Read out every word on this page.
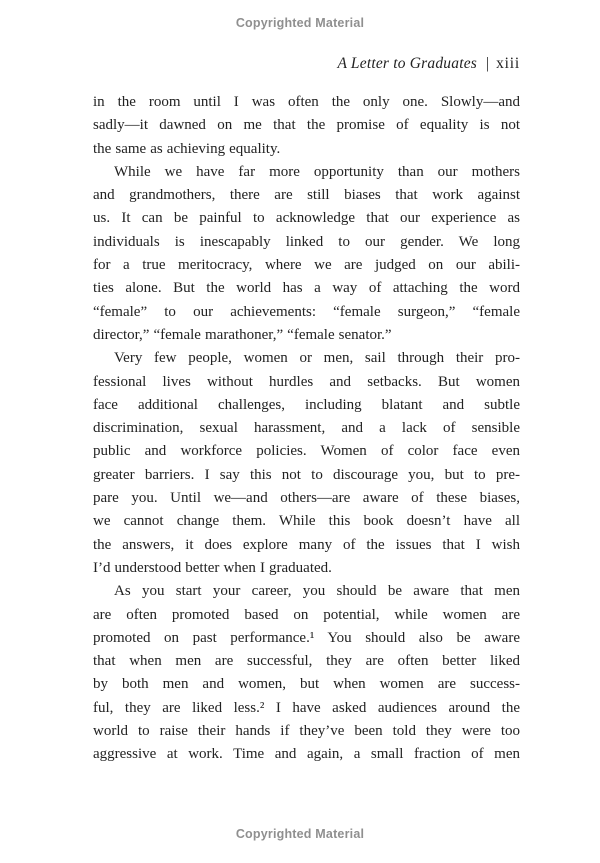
Copyrighted Material
A Letter to Graduates | xiii
in the room until I was often the only one. Slowly—and
sadly—it dawned on me that the promise of equality is not
the same as achieving equality.
While we have far more opportunity than our mothers
and grandmothers, there are still biases that work against
us. It can be painful to acknowledge that our experience as
individuals is inescapably linked to our gender. We long
for a true meritocracy, where we are judged on our abili-
ties alone. But the world has a way of attaching the word
“female” to our achievements: “female surgeon,” “female
director,” “female marathoner,” “female senator.”
Very few people, women or men, sail through their pro-
fessional lives without hurdles and setbacks. But women
face additional challenges, including blatant and subtle
discrimination, sexual harassment, and a lack of sensible
public and workforce policies. Women of color face even
greater barriers. I say this not to discourage you, but to pre-
pare you. Until we—and others—are aware of these biases,
we cannot change them. While this book doesn’t have all
the answers, it does explore many of the issues that I wish
I’d understood better when I graduated.
As you start your career, you should be aware that men
are often promoted based on potential, while women are
promoted on past performance.¹ You should also be aware
that when men are successful, they are often better liked
by both men and women, but when women are success-
ful, they are liked less.² I have asked audiences around the
world to raise their hands if they’ve been told they were too
aggressive at work. Time and again, a small fraction of men
Copyrighted Material
